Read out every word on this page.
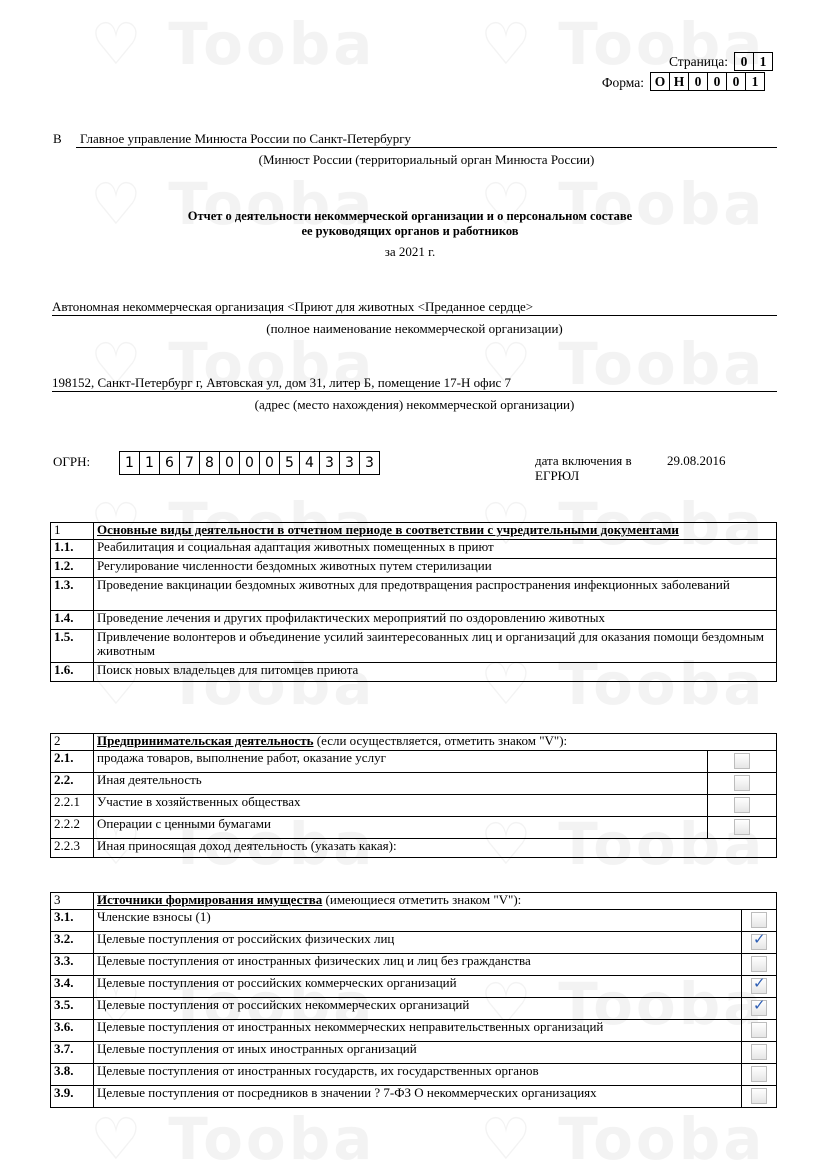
Страница: 0 1
Форма: О Н 0 0 0 1
В	Главное управление Минюста России по Санкт-Петербургу
(Минюст России (территориальный орган Минюста России)
Отчет о деятельности некоммерческой организации и о персональном составе
ее руководящих органов и работников
за 2021 г.
Автономная некоммерческая организация <Приют для животных <Преданное сердце>
(полное наименование некоммерческой организации)
198152, Санкт-Петербург г, Автовская ул, дом 31, литер Б, помещение 17-Н офис 7
(адрес (место нахождения) некоммерческой организации)
ОГРН:	1 1 6 7 8 0 0 0 5 4 3 3 3	дата включения в
ЕГРЮЛ
29.08.2016
1	Основные виды деятельности в отчетном периоде в соответствии с учредительными документами
1.1.	Реабилитация и социальная адаптация животных помещенных в приют
1.2.	Регулирование численности бездомных животных путем стерилизации
1.3.	Проведение вакцинации бездомных животных для предотвращения распространения инфекционных заболеваний
1.4.	Проведение лечения и других профилактических мероприятий по оздоровлению животных
1.5.	Привлечение волонтеров и объединение усилий заинтересованных лиц и организаций для оказания помощи бездомным животным
1.6.	Поиск новых владельцев для питомцев приюта
2	Предпринимательская деятельность (если осуществляется, отметить знаком "V"):	
2.1.	продажа товаров, выполнение работ, оказание услуг	
2.2.	Иная деятельность	
2.2.1	Участие в хозяйственных обществах	
2.2.2	Операции с ценными бумагами	
2.2.3	Иная приносящая доход деятельность (указать какая):	
3	Источники формирования имущества (имеющиеся отметить знаком "V"):	
3.1.	Членские взносы (1)	
3.2.	Целевые поступления от российских физических лиц	✓
3.3.	Целевые поступления от иностранных физических лиц и лиц без гражданства	
3.4.	Целевые поступления от российских коммерческих организаций	✓
3.5.	Целевые поступления от российских некоммерческих организаций	✓
3.6.	Целевые поступления от иностранных некоммерческих неправительственных организаций	
3.7.	Целевые поступления от иных иностранных организаций	
3.8.	Целевые поступления от иностранных государств, их государственных органов	
3.9.	Целевые поступления от посредников в значении ? 7-ФЗ О некоммерческих организациях	
